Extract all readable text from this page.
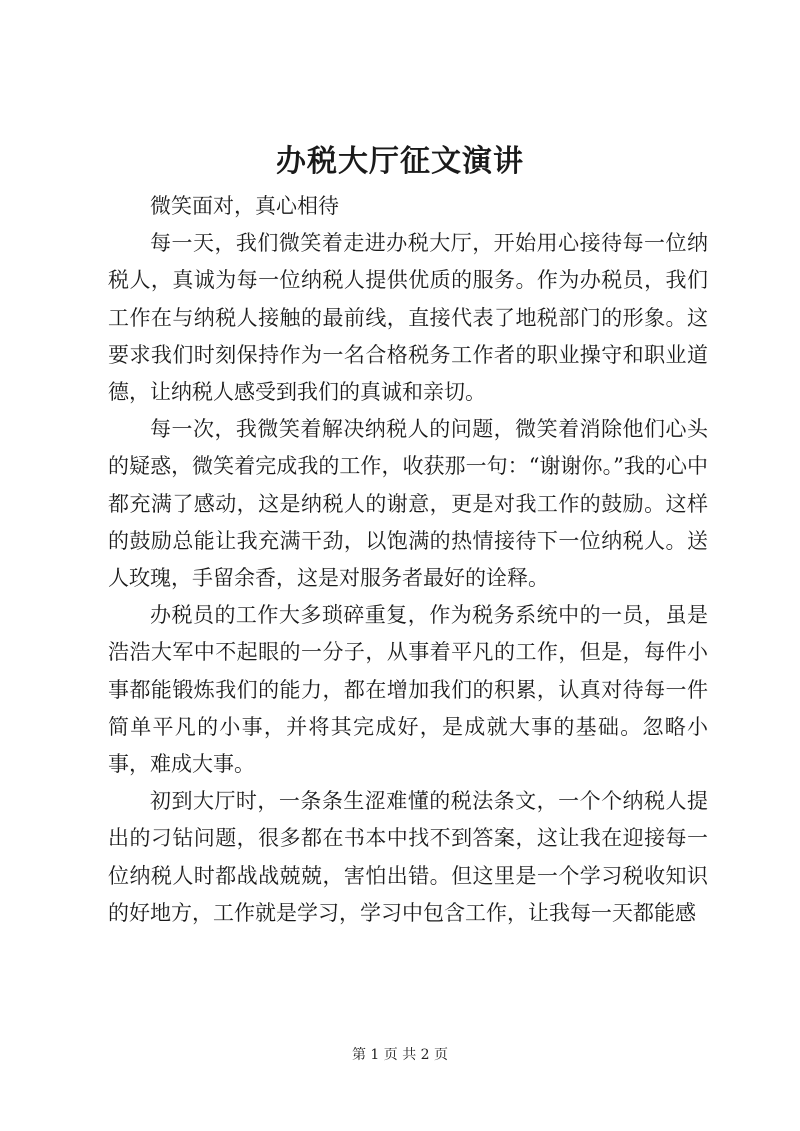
办税大厅征文演讲

微笑面对，真心相待

每一天，我们微笑着走进办税大厅，开始用心接待每一位纳税人，真诚为每一位纳税人提供优质的服务。作为办税员，我们工作在与纳税人接触的最前线，直接代表了地税部门的形象。这要求我们时刻保持作为一名合格税务工作者的职业操守和职业道德，让纳税人感受到我们的真诚和亲切。

每一次，我微笑着解决纳税人的问题，微笑着消除他们心头的疑惑，微笑着完成我的工作，收获那一句：“谢谢你。”我的心中都充满了感动，这是纳税人的谢意，更是对我工作的鼓励。这样的鼓励总能让我充满干劲，以饱满的热情接待下一位纳税人。送人玫瑰，手留余香，这是对服务者最好的诠释。

办税员的工作大多琐碎重复，作为税务系统中的一员，虽是浩浩大军中不起眼的一分子，从事着平凡的工作，但是，每件小事都能锻炼我们的能力，都在增加我们的积累，认真对待每一件简单平凡的小事，并将其完成好，是成就大事的基础。忽略小事，难成大事。

初到大厅时，一条条生涩难懂的税法条文，一个个纳税人提出的刁钻问题，很多都在书本中找不到答案，这让我在迎接每一位纳税人时都战战兢兢，害怕出错。但这里是一个学习税收知识的好地方，工作就是学习，学习中包含工作，让我每一天都能感

第 1 页 共 2 页
